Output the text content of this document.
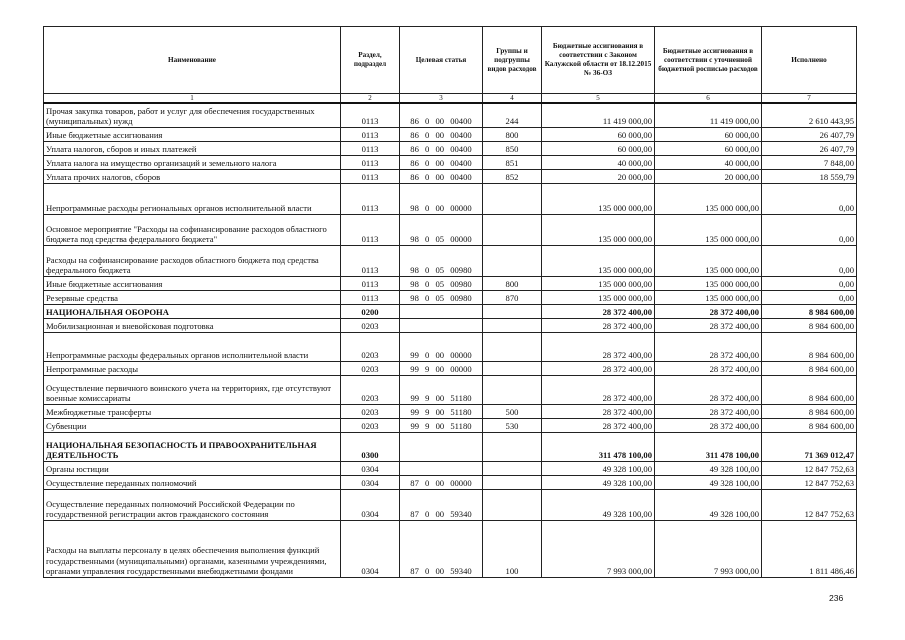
Наименование	Раздел, подраздел	Целевая статья	Группы и подгруппы видов расходов	Бюджетные ассигнования в соответствии с Законом Калужской области от 18.12.2015 № 36-ОЗ	Бюджетные ассигнования в соответствии с уточненной бюджетной росписью расходов	Исполнено
1	2	3	4	5	6	7
Прочая закупка товаров, работ и услуг для обеспечения государственных (муниципальных) нужд	0113	86 0 00 00400	244	11 419 000,00	11 419 000,00	2 610 443,95
Иные бюджетные ассигнования	0113	86 0 00 00400	800	60 000,00	60 000,00	26 407,79
Уплата налогов, сборов и иных платежей	0113	86 0 00 00400	850	60 000,00	60 000,00	26 407,79
Уплата налога на имущество организаций и земельного налога	0113	86 0 00 00400	851	40 000,00	40 000,00	7 848,00
Уплата прочих налогов, сборов	0113	86 0 00 00400	852	20 000,00	20 000,00	18 559,79
Непрограммные расходы региональных органов исполнительной власти	0113	98 0 00 00000		135 000 000,00	135 000 000,00	0,00
Основное мероприятие "Расходы на софинансирование расходов областного бюджета под средства федерального бюджета"	0113	98 0 05 00000		135 000 000,00	135 000 000,00	0,00
Расходы на софинансирование расходов областного бюджета под средства федерального бюджета	0113	98 0 05 00980		135 000 000,00	135 000 000,00	0,00
Иные бюджетные ассигнования	0113	98 0 05 00980	800	135 000 000,00	135 000 000,00	0,00
Резервные средства	0113	98 0 05 00980	870	135 000 000,00	135 000 000,00	0,00
НАЦИОНАЛЬНАЯ ОБОРОНА	0200			28 372 400,00	28 372 400,00	8 984 600,00
Мобилизационная и вневойсковая подготовка	0203			28 372 400,00	28 372 400,00	8 984 600,00
Непрограммные расходы федеральных органов исполнительной власти	0203	99 0 00 00000		28 372 400,00	28 372 400,00	8 984 600,00
Непрограммные расходы	0203	99 9 00 00000		28 372 400,00	28 372 400,00	8 984 600,00
Осуществление первичного воинского учета на территориях, где отсутствуют военные комиссариаты	0203	99 9 00 51180		28 372 400,00	28 372 400,00	8 984 600,00
Межбюджетные трансферты	0203	99 9 00 51180	500	28 372 400,00	28 372 400,00	8 984 600,00
Субвенции	0203	99 9 00 51180	530	28 372 400,00	28 372 400,00	8 984 600,00
НАЦИОНАЛЬНАЯ БЕЗОПАСНОСТЬ И ПРАВООХРАНИТЕЛЬНАЯ ДЕЯТЕЛЬНОСТЬ	0300			311 478 100,00	311 478 100,00	71 369 012,47
Органы юстиции	0304			49 328 100,00	49 328 100,00	12 847 752,63
Осуществление переданных полномочий	0304	87 0 00 00000		49 328 100,00	49 328 100,00	12 847 752,63
Осуществление переданных полномочий Российской Федерации по государственной регистрации актов гражданского состояния	0304	87 0 00 59340		49 328 100,00	49 328 100,00	12 847 752,63
Расходы на выплаты персоналу в целях обеспечения выполнения функций государственными (муниципальными) органами, казенными учреждениями, органами управления государственными внебюджетными фондами	0304	87 0 00 59340	100	7 993 000,00	7 993 000,00	1 811 486,46
236
